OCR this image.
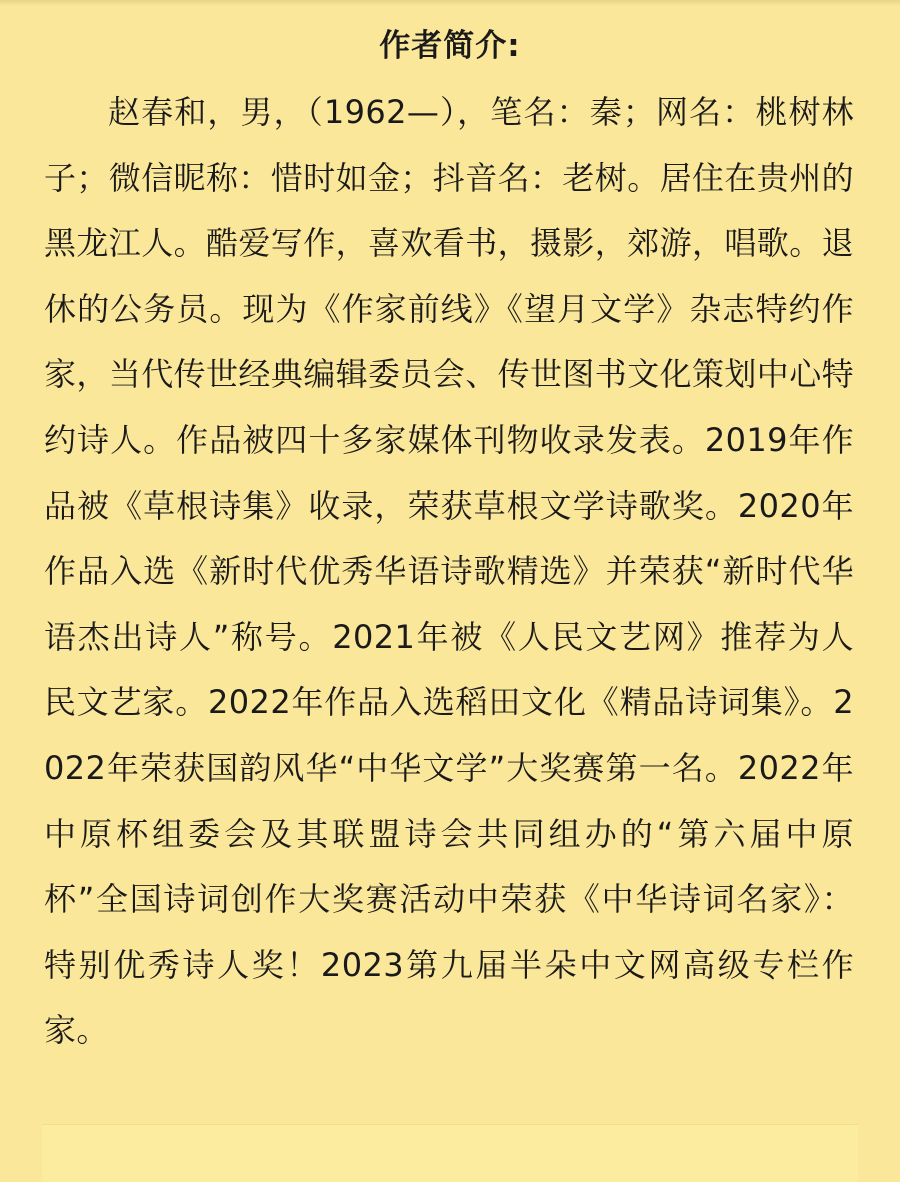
作者简介:
赵春和，男，（1962—），笔名：秦；网名：桃树林子；微信昵称：惜时如金；抖音名：老树。居住在贵州的黑龙江人。酷爱写作，喜欢看书，摄影，郊游，唱歌。退休的公务员。现为《作家前线》《望月文学》杂志特约作家，当代传世经典编辑委员会、传世图书文化策划中心特约诗人。作品被四十多家媒体刊物收录发表。2019年作品被《草根诗集》收录，荣获草根文学诗歌奖。2020年作品入选《新时代优秀华语诗歌精选》并荣获“新时代华语杰出诗人”称号。2021年被《人民文艺网》推荐为人民文艺家。2022年作品入选稻田文化《精品诗词集》。2022年荣获国韵风华“中华文学”大奖赛第一名。2022年中原杯组委会及其联盟诗会共同组办的“第六届中原杯”全国诗词创作大奖赛活动中荣获《中华诗词名家》：特别优秀诗人奖！2023第九届半朵中文网高级专栏作家。
